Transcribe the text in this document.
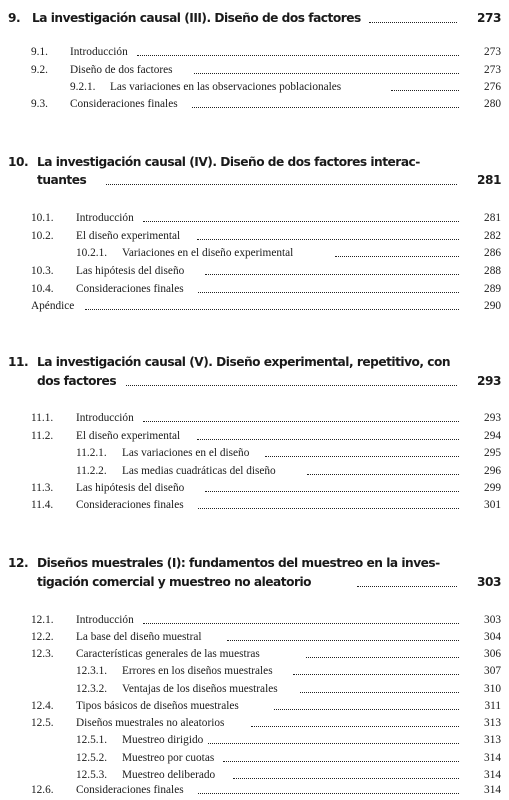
9. La investigación causal (III). Diseño de dos factores	273
9.1. Introducción	273
9.2. Diseño de dos factores	273
9.2.1. Las variaciones en las observaciones poblacionales	276
9.3. Consideraciones finales	280
10. La investigación causal (IV). Diseño de dos factores interac-
tuantes	281
10.1. Introducción	281
10.2. El diseño experimental	282
10.2.1. Variaciones en el diseño experimental	286
10.3. Las hipótesis del diseño	288
10.4. Consideraciones finales	289
Apéndice	290
11. La investigación causal (V). Diseño experimental, repetitivo, con
dos factores	293
11.1. Introducción	293
11.2. El diseño experimental	294
11.2.1. Las variaciones en el diseño	295
11.2.2. Las medias cuadráticas del diseño	296
11.3. Las hipótesis del diseño	299
11.4. Consideraciones finales	301
12. Diseños muestrales (I): fundamentos del muestreo en la inves-
tigación comercial y muestreo no aleatorio	303
12.1. Introducción	303
12.2. La base del diseño muestral	304
12.3. Características generales de las muestras	306
12.3.1. Errores en los diseños muestrales	307
12.3.2. Ventajas de los diseños muestrales	310
12.4. Tipos básicos de diseños muestrales	311
12.5. Diseños muestrales no aleatorios	313
12.5.1. Muestreo dirigido	313
12.5.2. Muestreo por cuotas	314
12.5.3. Muestreo deliberado	314
12.6. Consideraciones finales	314
